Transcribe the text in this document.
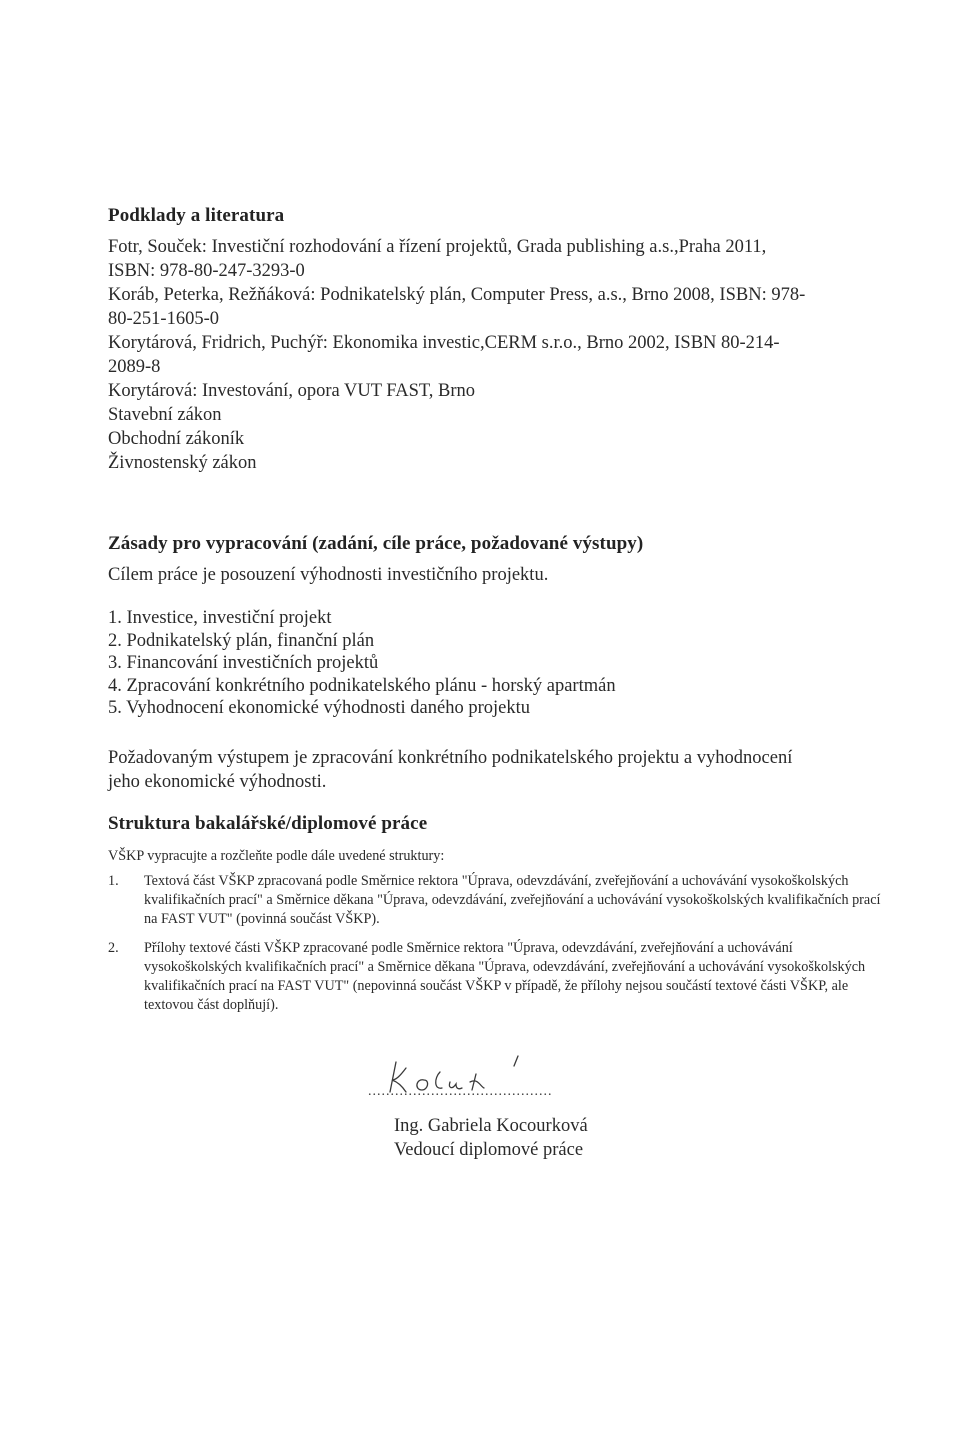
Podklady a literatura
Fotr, Souček: Investiční rozhodování a řízení projektů, Grada publishing a.s.,Praha 2011,
ISBN: 978-80-247-3293-0
Koráb, Peterka, Režňáková: Podnikatelský plán, Computer Press, a.s., Brno 2008, ISBN: 978-
80-251-1605-0
Korytárová, Fridrich, Puchýř: Ekonomika investic,CERM s.r.o., Brno 2002, ISBN 80-214-
2089-8
Korytárová: Investování, opora VUT FAST, Brno
Stavební zákon
Obchodní zákoník
Živnostenský zákon
Zásady pro vypracování (zadání, cíle práce, požadované výstupy)

Cílem práce je posouzení výhodnosti investičního projektu.

1. Investice, investiční projekt
2. Podnikatelský plán, finanční plán
3. Financování investičních projektů
4. Zpracování konkrétního podnikatelského plánu - horský apartmán
5. Vyhodnocení ekonomické výhodnosti daného projektu

Požadovaným výstupem je zpracování konkrétního podnikatelského projektu a vyhodnocení

jeho ekonomické výhodnosti.

Struktura bakalářské/diplomové práce

VŠKP vypracujte a rozčleňte podle dále uvedené struktury:

1.	Textová část VŠKP zpracovaná podle Směrnice rektora "Úprava, odevzdávání, zveřejňování a uchovávání vysokoškolských kvalifikačních prací" a Směrnice děkana "Úprava, odevzdávání, zveřejňování a uchovávání vysokoškolských kvalifikačních prací na FAST VUT" (povinná součást VŠKP).
2.	Přílohy textové části VŠKP zpracované podle Směrnice rektora "Úprava, odevzdávání, zveřejňování a uchovávání vysokoškolských kvalifikačních prací" a Směrnice děkana "Úprava, odevzdávání, zveřejňování a uchovávání vysokoškolských kvalifikačních prací na FAST VUT" (nepovinná součást VŠKP v případě, že přílohy nejsou součástí textové části VŠKP, ale textovou část doplňují).
.........................................
Ing. Gabriela Kocourková
Vedoucí diplomové práce
